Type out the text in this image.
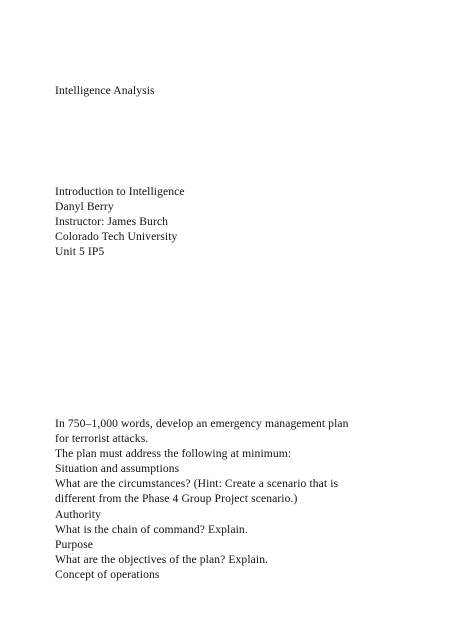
Intelligence Analysis
Introduction to Intelligence
Danyl Berry
Instructor: James Burch
Colorado Tech University
Unit 5 IP5
In 750–1,000 words, develop an emergency management plan
for terrorist attacks.
The plan must address the following at minimum:
Situation and assumptions
What are the circumstances? (Hint: Create a scenario that is
different from the Phase 4 Group Project scenario.)
Authority
What is the chain of command? Explain.
Purpose
What are the objectives of the plan? Explain.
Concept of operations
